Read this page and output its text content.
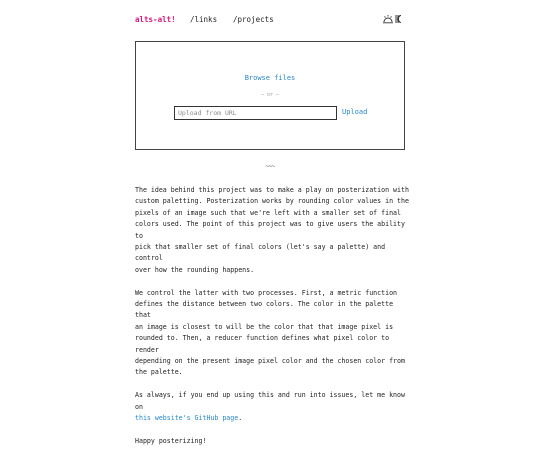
alts-alt! /links /projects
Browse files
— or —
Upload from URL
Upload
~~~

The idea behind this project was to make a play on posterization with
custom paletting. Posterization works by rounding color values in the
pixels of an image such that we're left with a smaller set of final
colors used. The point of this project was to give users the ability to
pick that smaller set of final colors (let's say a palette) and control
over how the rounding happens.

We control the latter with two processes. First, a metric function
defines the distance between two colors. The color in the palette that
an image is closest to will be the color that that image pixel is
rounded to. Then, a reducer function defines what pixel color to render
depending on the present image pixel color and the chosen color from
the palette.

As always, if you end up using this and run into issues, let me know on
this website's GitHub page.

Happy posterizing!
